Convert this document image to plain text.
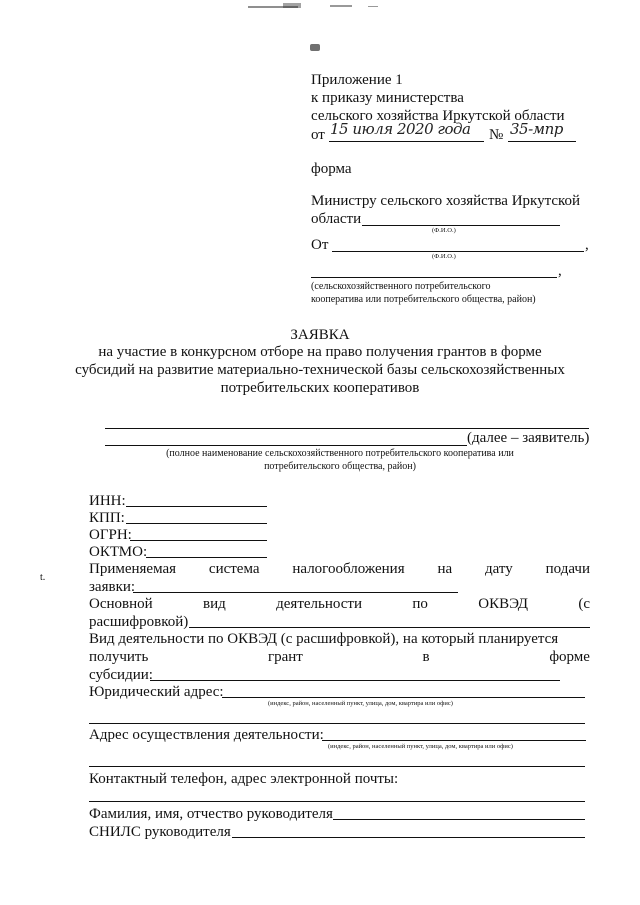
Приложение 1
к приказу министерства
сельского хозяйства Иркутской области
от 15 июля 2020 года № 35-мпр
форма
Министру сельского хозяйства Иркутской
области
(Ф.И.О.)
От	,
(Ф.И.О.)
,
(сельскохозяйственного потребительского
кооператива или потребительского общества, район)
ЗАЯВКА
на участие в конкурсном отборе на право получения грантов в форме
субсидий на развитие материально-технической базы сельскохозяйственных
потребительских кооперативов
(далее – заявитель)
(полное наименование сельскохозяйственного потребительского кооператива или
потребительского общества, район)
ИНН:
КПП:
ОГРН:
ОКТМО:
Применяемая система налогообложения на дату подачи
заявки:
Основной	вид	деятельности	по	ОКВЭД	(с
расшифровкой)
Вид деятельности по ОКВЭД (с расшифровкой), на который планируется
получить	грант	в	форме
субсидии:
Юридический адрес:
(индекс, район, населенный пункт, улица, дом, квартира или офис)
Адрес осуществления деятельности:
(индекс, район, населенный пункт, улица, дом, квартира или офис)
Контактный телефон, адрес электронной почты:
Фамилия, имя, отчество руководителя
СНИЛС руководителя
t.
